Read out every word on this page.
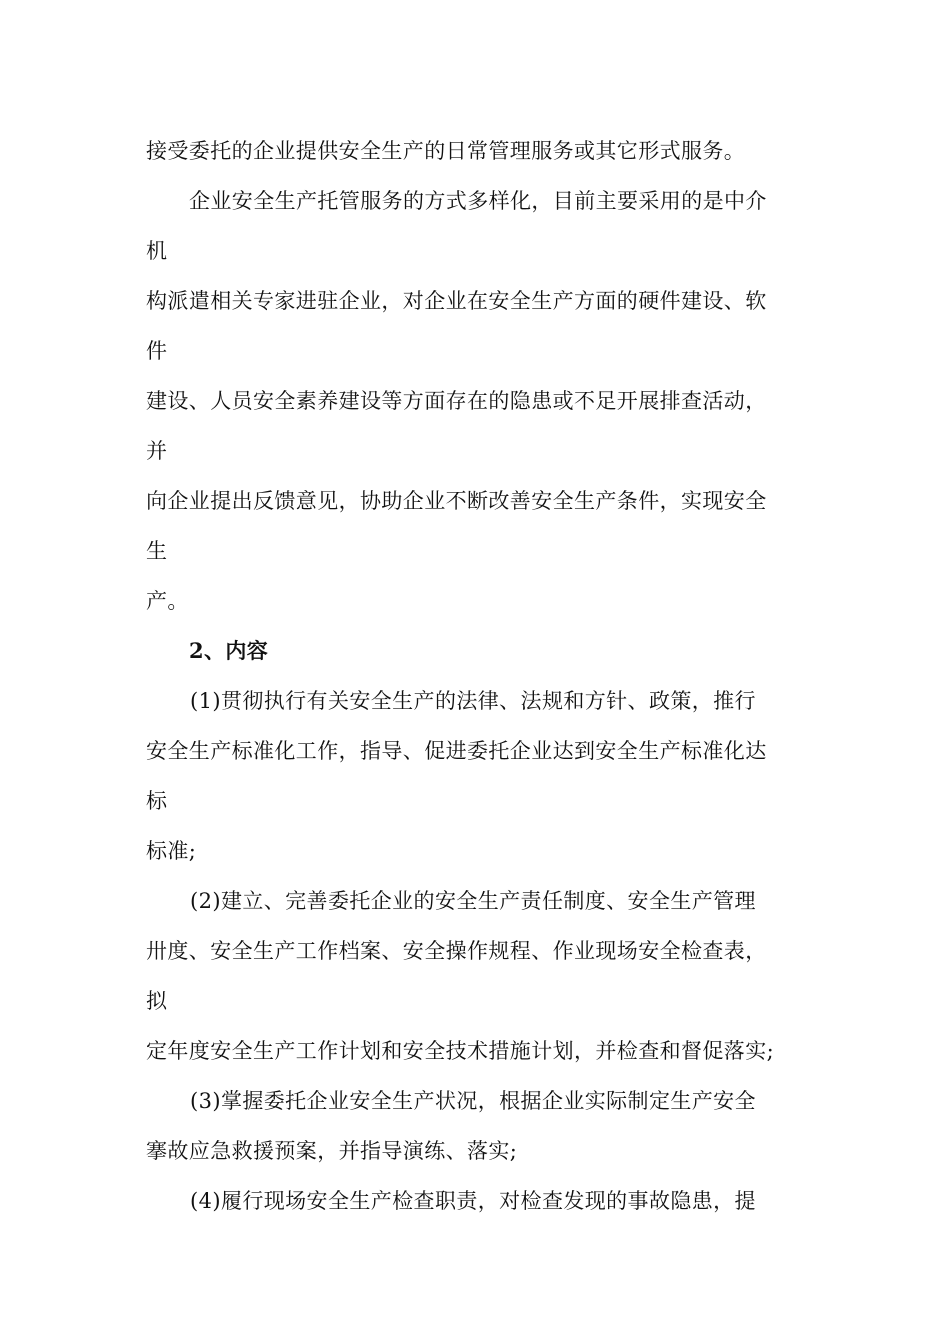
接受委托的企业提供安全生产的日常管理服务或其它形式服务。

企业安全生产托管服务的方式多样化，目前主要采用的是中介

机

构派遣相关专家进驻企业，对企业在安全生产方面的硬件建设、软

件

建设、人员安全素养建设等方面存在的隐患或不足开展排查活动，

并

向企业提出反馈意见，协助企业不断改善安全生产条件，实现安全

生

产。

2、内容

(1)贯彻执行有关安全生产的法律、法规和方针、政策，推行

安全生产标准化工作，指导、促进委托企业达到安全生产标准化达

标

标准;

(2)建立、完善委托企业的安全生产责任制度、安全生产管理

卅度、安全生产工作档案、安全操作规程、作业现场安全检查表，

拟

定年度安全生产工作计划和安全技术措施计划，并检查和督促落实;

(3)掌握委托企业安全生产状况，根据企业实际制定生产安全

搴故应急救援预案，并指导演练、落实;

(4)履行现场安全生产检查职责，对检查发现的事故隐患，提
